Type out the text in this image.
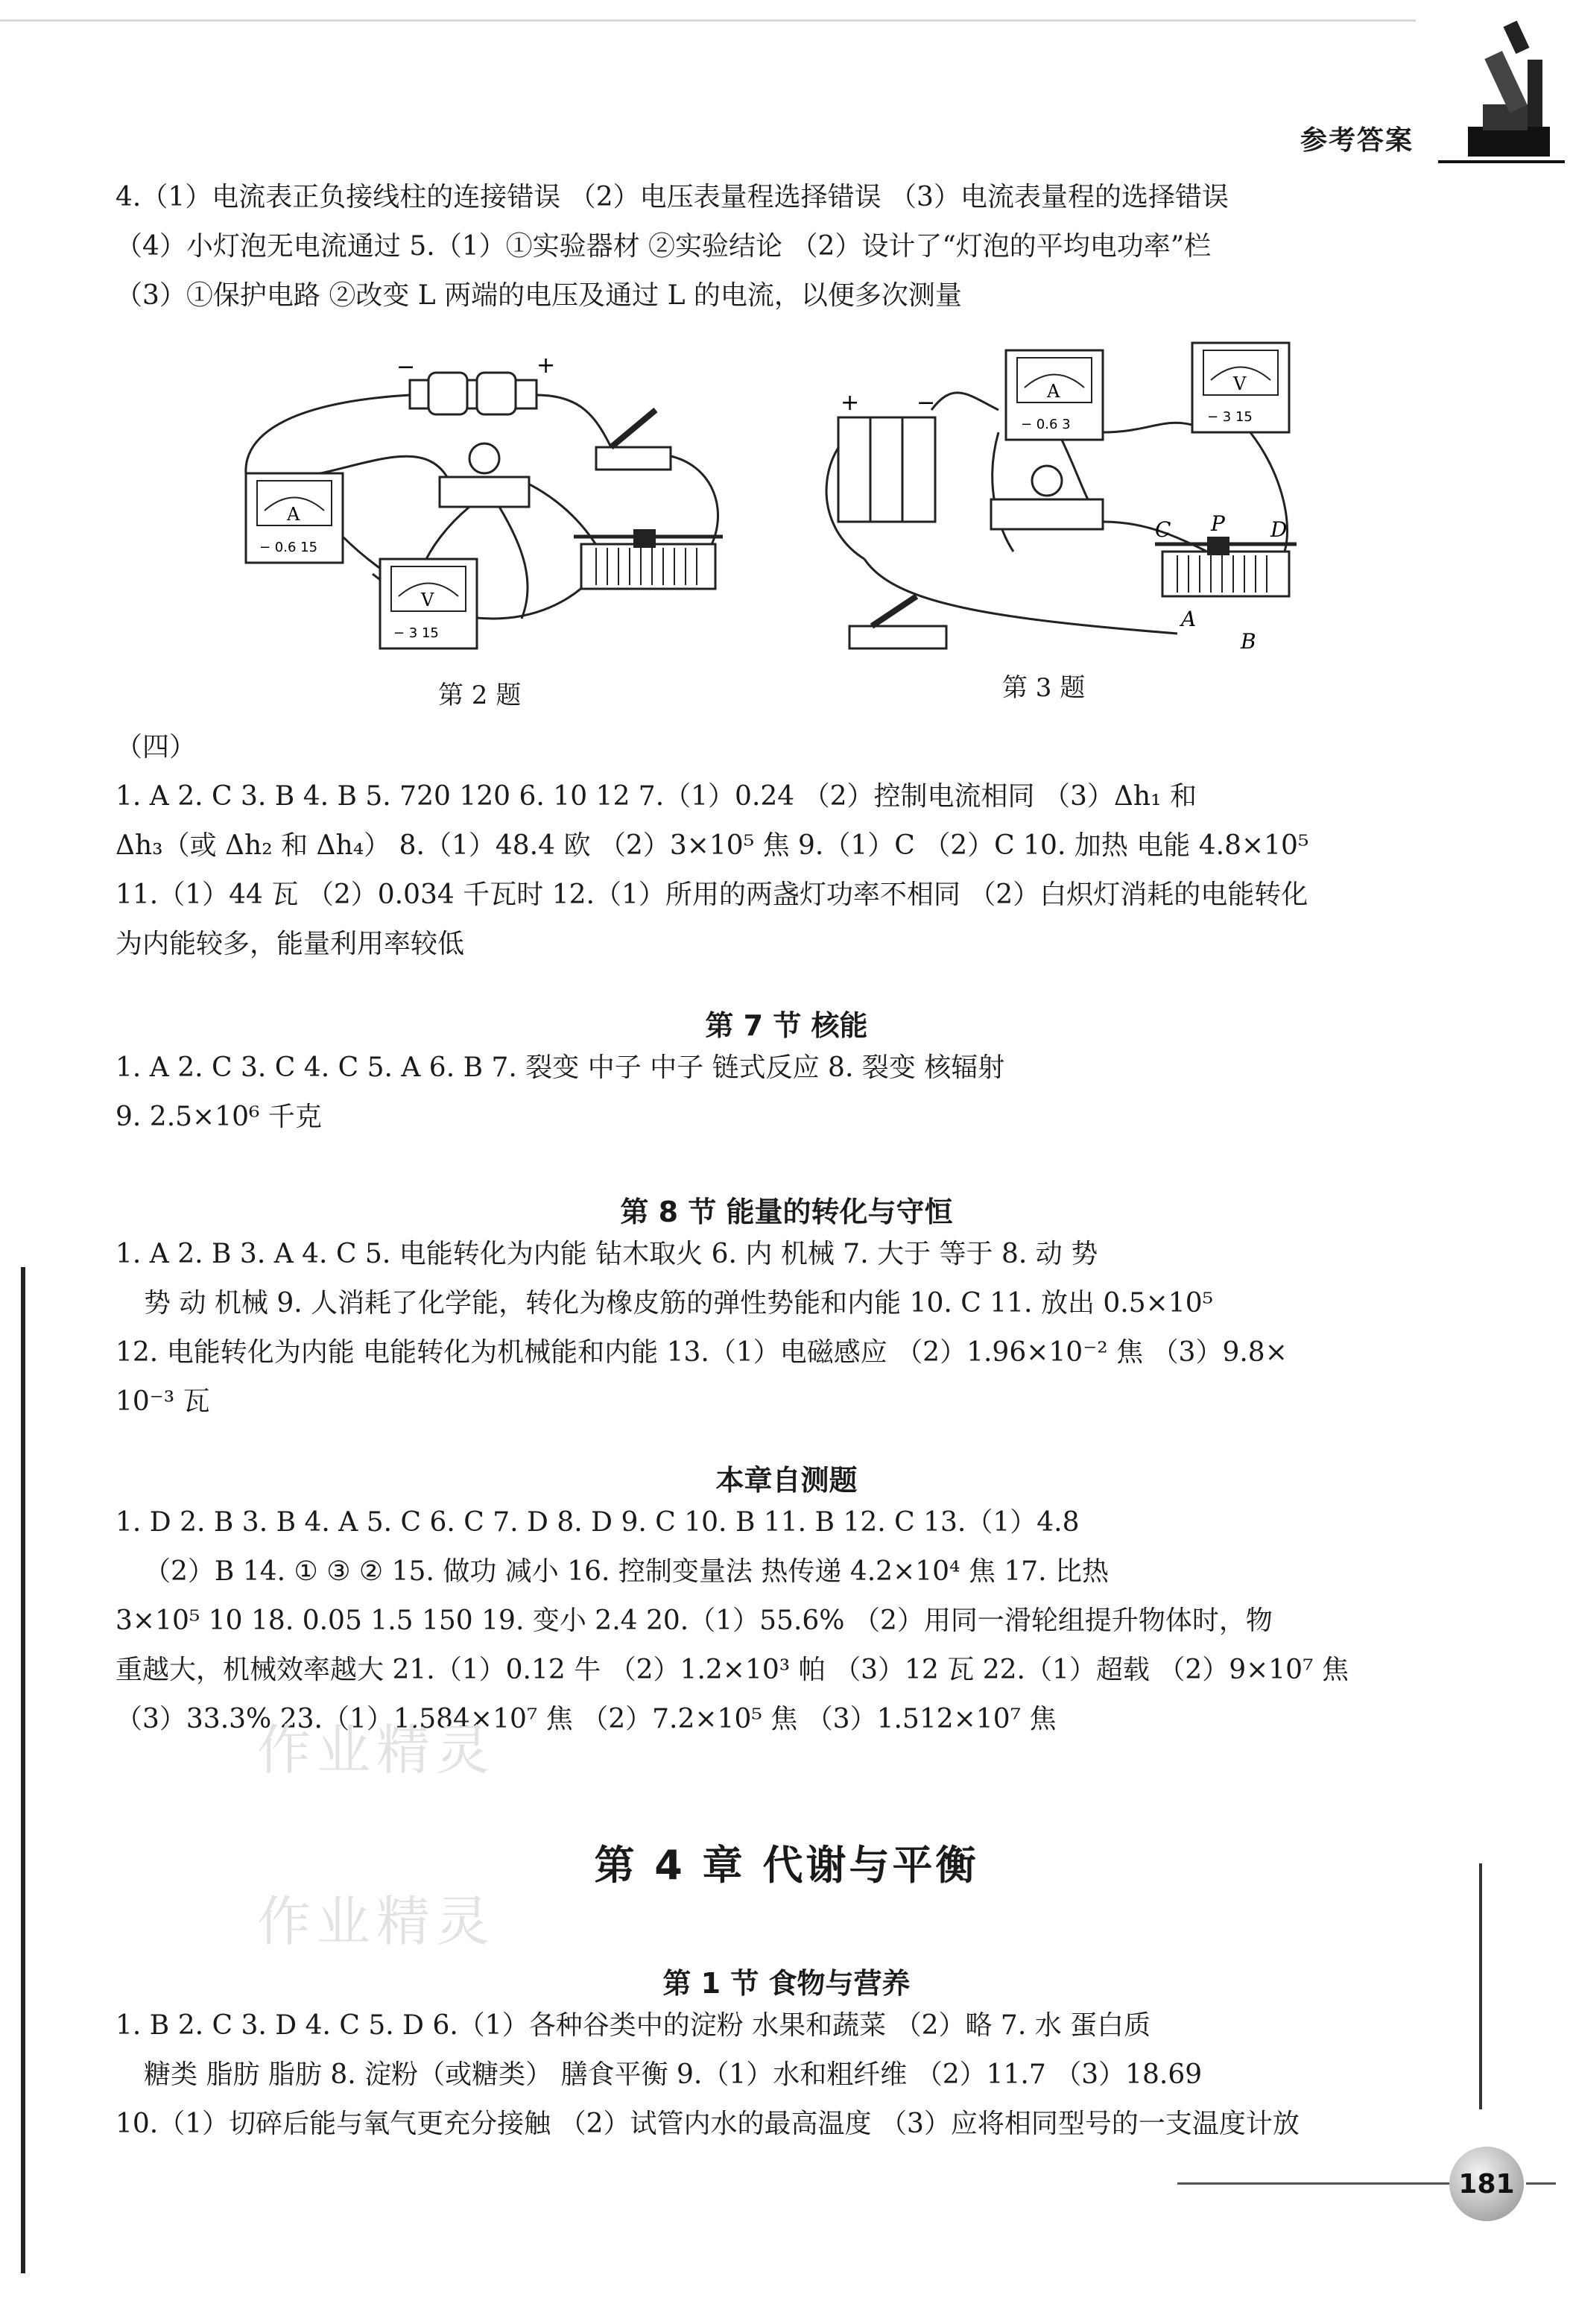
参考答案
4.（1）电流表正负接线柱的连接错误 （2）电压表量程选择错误 （3）电流表量程的选择错误
（4）小灯泡无电流通过 5.（1）①实验器材 ②实验结论 （2）设计了“灯泡的平均电功率”栏
（3）①保护电路 ②改变 L 两端的电压及通过 L 的电流，以便多次测量
−	+
A
− 0.6 15
V
− 3 15
第 2 题
+	−	A
− 0.6 3
V
− 3 15
C P D
A
B
第 3 题
（四）
1. A 2. C 3. B 4. B 5. 720 120 6. 10 12 7.（1）0.24 （2）控制电流相同 （3）Δh₁ 和
Δh₃（或 Δh₂ 和 Δh₄） 8.（1）48.4 欧 （2）3×10⁵ 焦 9.（1）C （2）C 10. 加热 电能 4.8×10⁵
11.（1）44 瓦 （2）0.034 千瓦时 12.（1）所用的两盏灯功率不相同 （2）白炽灯消耗的电能转化
为内能较多，能量利用率较低
第 7 节 核能
1. A 2. C 3. C 4. C 5. A 6. B 7. 裂变 中子 中子 链式反应 8. 裂变 核辐射
9. 2.5×10⁶ 千克
第 8 节 能量的转化与守恒
1. A 2. B 3. A 4. C 5. 电能转化为内能 钻木取火 6. 内 机械 7. 大于 等于 8. 动 势
势 动 机械 9. 人消耗了化学能，转化为橡皮筋的弹性势能和内能 10. C 11. 放出 0.5×10⁵
12. 电能转化为内能 电能转化为机械能和内能 13.（1）电磁感应 （2）1.96×10⁻² 焦 （3）9.8×
10⁻³ 瓦
本章自测题
1. D 2. B 3. B 4. A 5. C 6. C 7. D 8. D 9. C 10. B 11. B 12. C 13.（1）4.8
（2）B 14. ① ③ ② 15. 做功 减小 16. 控制变量法 热传递 4.2×10⁴ 焦 17. 比热
3×10⁵ 10 18. 0.05 1.5 150 19. 变小 2.4 20.（1）55.6% （2）用同一滑轮组提升物体时，物
重越大，机械效率越大 21.（1）0.12 牛 （2）1.2×10³ 帕 （3）12 瓦 22.（1）超载 （2）9×10⁷ 焦
（3）33.3% 23.（1）1.584×10⁷ 焦 （2）7.2×10⁵ 焦 （3）1.512×10⁷ 焦
作业精灵
作业精灵
第 4 章 代谢与平衡
第 1 节 食物与营养
1. B 2. C 3. D 4. C 5. D 6.（1）各种谷类中的淀粉 水果和蔬菜 （2）略 7. 水 蛋白质
糖类 脂肪 脂肪 8. 淀粉（或糖类） 膳食平衡 9.（1）水和粗纤维 （2）11.7 （3）18.69
10.（1）切碎后能与氧气更充分接触 （2）试管内水的最高温度 （3）应将相同型号的一支温度计放
181
